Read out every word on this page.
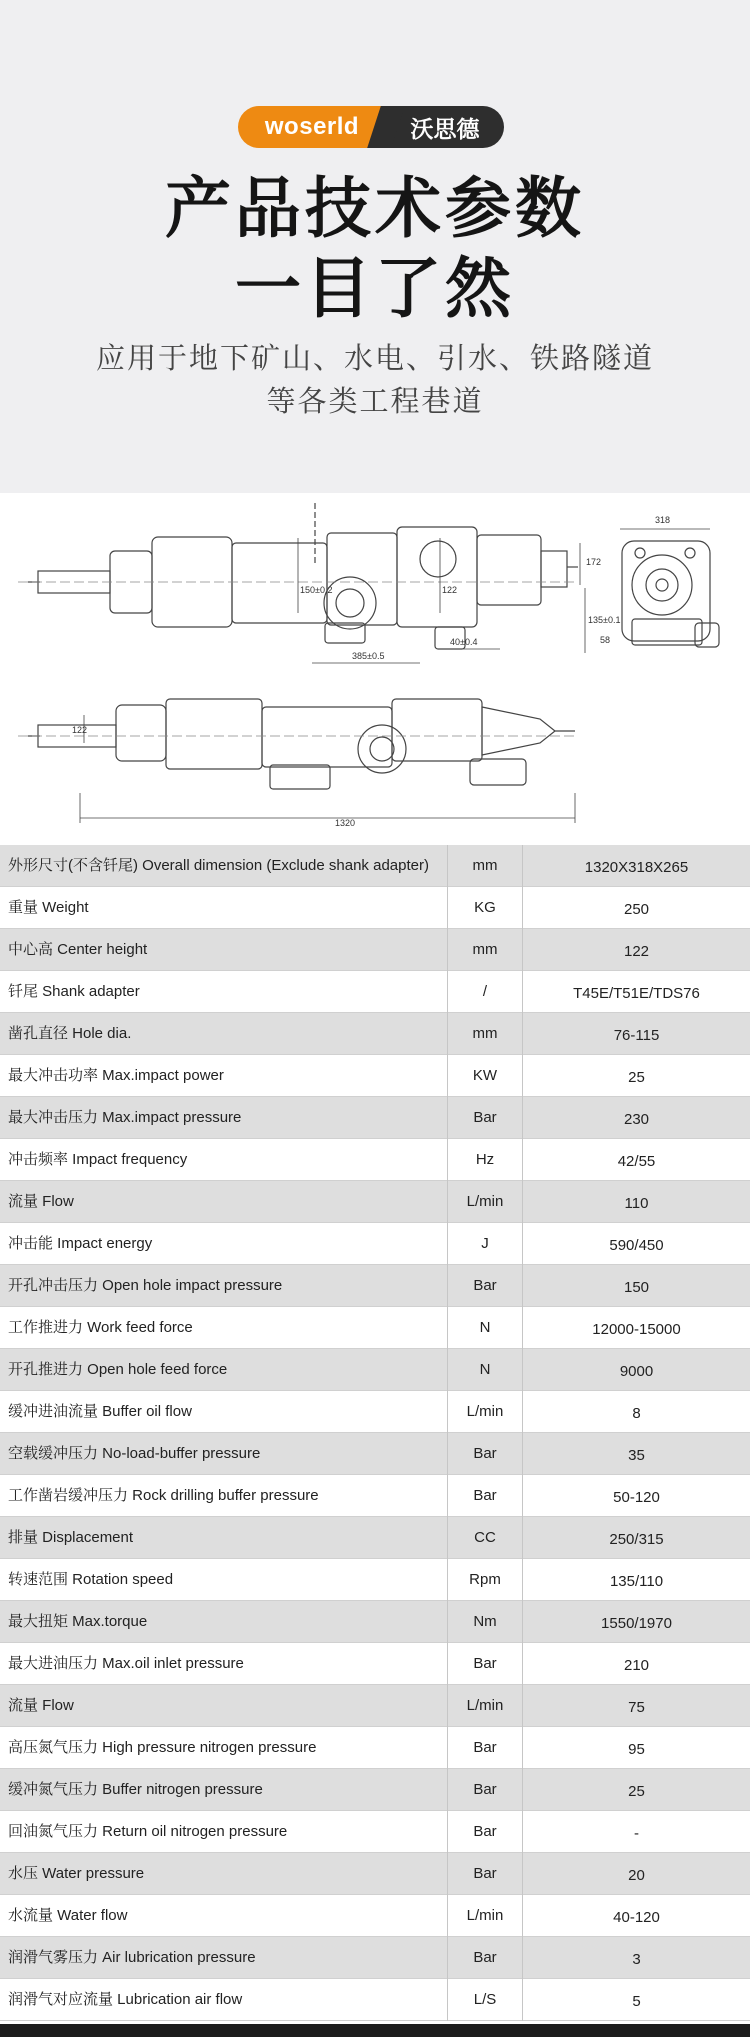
woserld	沃思德
产品技术参数
一目了然
应用于地下矿山、水电、引水、铁路隧道
等各类工程巷道
318
1320
385±0.5
40±0.4
122
172
135±0.1
58
150±0.2	122
外形尺寸(不含钎尾) Overall dimension (Exclude shank adapter)	mm	1320X318X265
重量 Weight	KG	250
中心高 Center height	mm	122
钎尾 Shank adapter	/	T45E/T51E/TDS76
凿孔直径 Hole dia.	mm	76-115
最大冲击功率 Max.impact power	KW	25
最大冲击压力 Max.impact pressure	Bar	230
冲击频率 Impact frequency	Hz	42/55
流量 Flow	L/min	110
冲击能 Impact energy	J	590/450
开孔冲击压力 Open hole impact pressure	Bar	150
工作推进力 Work feed force	N	12000-15000
开孔推进力 Open hole feed force	N	9000
缓冲进油流量 Buffer oil flow	L/min	8
空载缓冲压力 No-load-buffer pressure	Bar	35
工作凿岩缓冲压力 Rock drilling buffer pressure	Bar	50-120
排量 Displacement	CC	250/315
转速范围 Rotation speed	Rpm	135/110
最大扭矩 Max.torque	Nm	1550/1970
最大进油压力 Max.oil inlet pressure	Bar	210
流量 Flow	L/min	75
高压氮气压力 High pressure nitrogen pressure	Bar	95
缓冲氮气压力 Buffer nitrogen pressure	Bar	25
回油氮气压力 Return oil nitrogen pressure	Bar	-
水压 Water pressure	Bar	20
水流量 Water flow	L/min	40-120
润滑气雾压力 Air lubrication pressure	Bar	3
润滑气对应流量 Lubrication air flow	L/S	5
